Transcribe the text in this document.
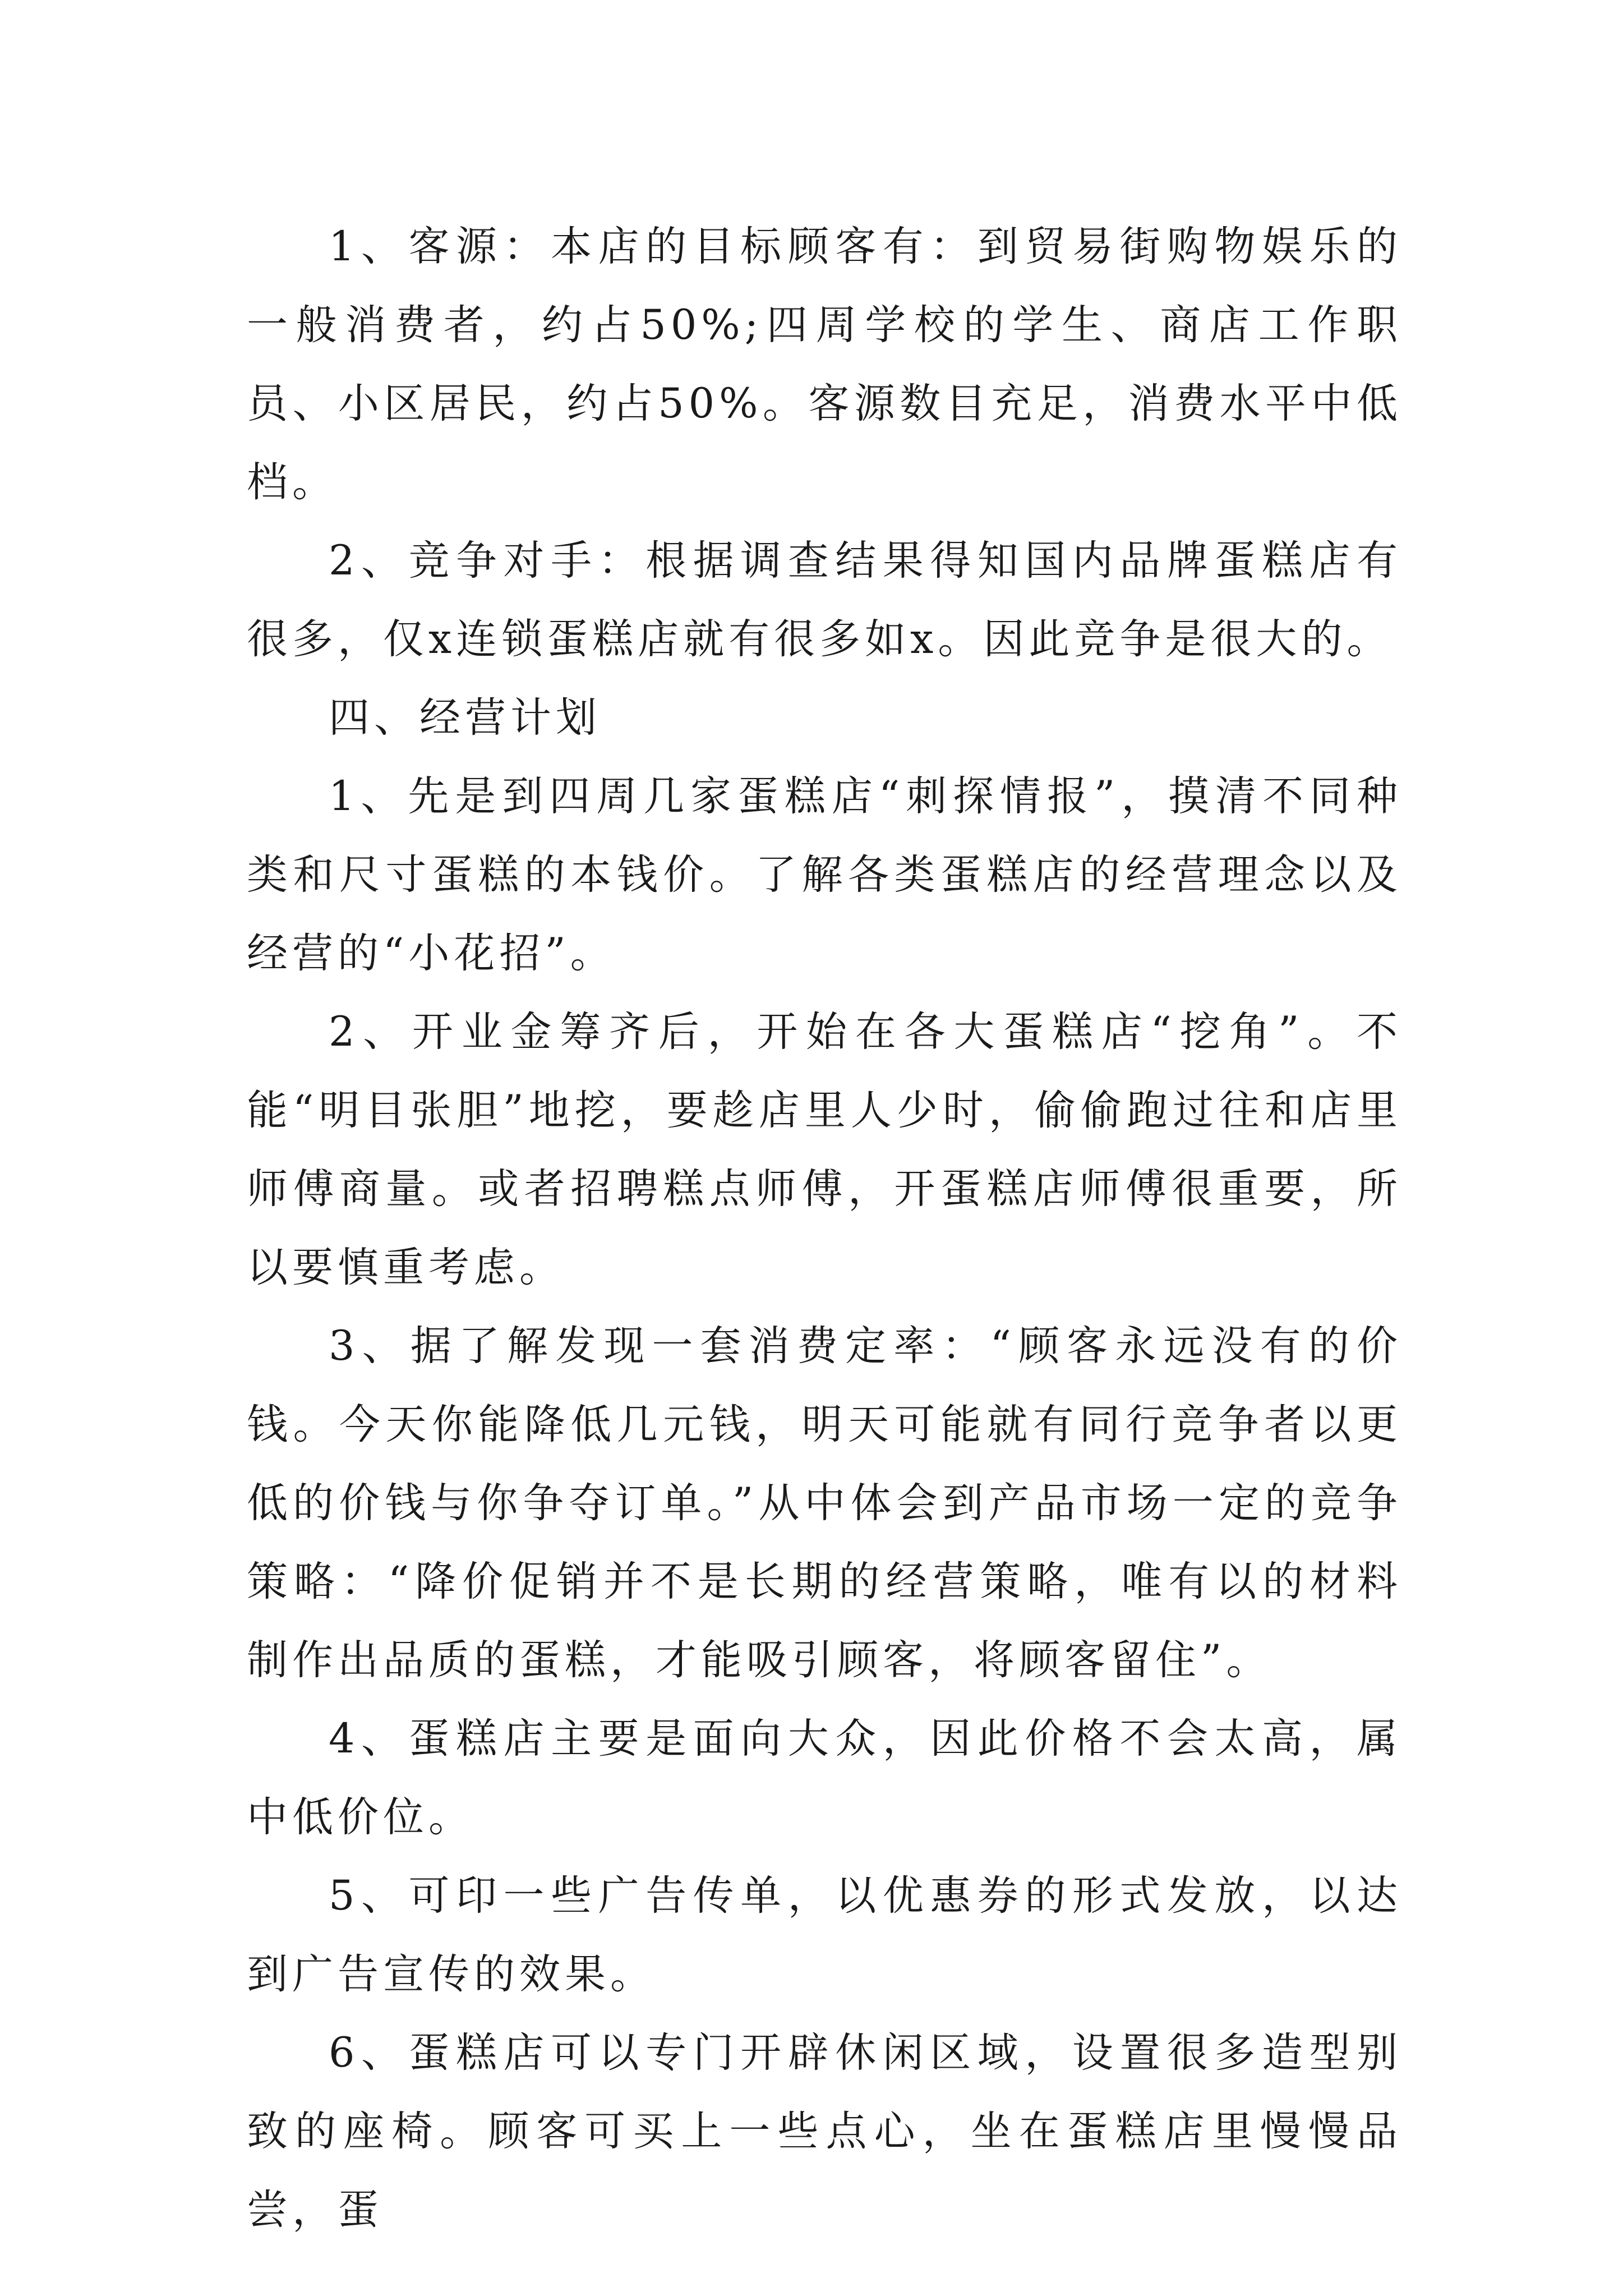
1、客源：本店的目标顾客有：到贸易街购物娱乐的一般消费者，约占50%;四周学校的学生、商店工作职员、小区居民，约占50%。客源数目充足，消费水平中低档。

2、竞争对手：根据调查结果得知国内品牌蛋糕店有很多，仅x连锁蛋糕店就有很多如x。因此竞争是很大的。

四、经营计划

1、先是到四周几家蛋糕店“刺探情报”，摸清不同种类和尺寸蛋糕的本钱价。了解各类蛋糕店的经营理念以及经营的“小花招”。

2、开业金筹齐后，开始在各大蛋糕店“挖角”。不能“明目张胆”地挖，要趁店里人少时，偷偷跑过往和店里师傅商量。或者招聘糕点师傅，开蛋糕店师傅很重要，所以要慎重考虑。

3、据了解发现一套消费定率：“顾客永远没有的价钱。今天你能降低几元钱，明天可能就有同行竞争者以更低的价钱与你争夺订单。”从中体会到产品市场一定的竞争策略：“降价促销并不是长期的经营策略，唯有以的材料制作出品质的蛋糕，才能吸引顾客，将顾客留住”。

4、蛋糕店主要是面向大众，因此价格不会太高，属中低价位。

5、可印一些广告传单，以优惠券的形式发放，以达到广告宣传的效果。

6、蛋糕店可以专门开辟休闲区域，设置很多造型别致的座椅。顾客可买上一些点心，坐在蛋糕店里慢慢品尝，蛋
